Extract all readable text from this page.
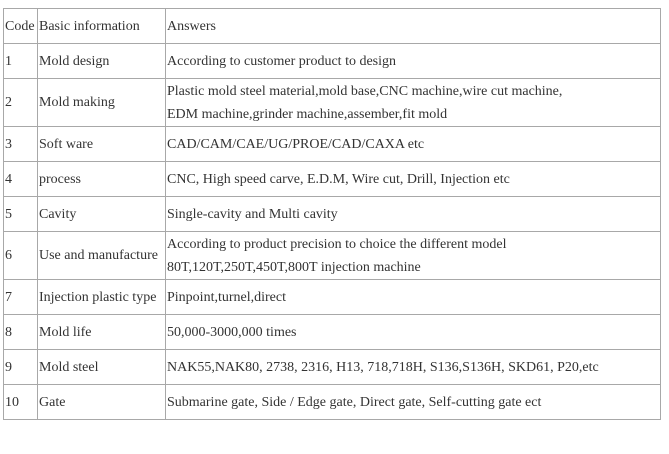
Code	Basic information	Answers
1	Mold design	According to customer product to design

2	Mold making	Plastic mold steel material,mold base,CNC machine,wire cut machine,
EDM machine,grinder machine,assember,fit mold

3	Soft ware	CAD/CAM/CAE/UG/PROE/CAD/CAXA etc

4	process	CNC, High speed carve, E.D.M, Wire cut, Drill, Injection etc

5	Cavity	Single-cavity and Multi cavity

6	Use and manufacture	According to product precision to choice the different model
80T,120T,250T,450T,800T injection machine

7	Injection plastic type	Pinpoint,turnel,direct

8	Mold life	50,000-3000,000 times

9	Mold steel	NAK55,NAK80, 2738, 2316, H13, 718,718H, S136,S136H, SKD61, P20,etc

10	Gate	Submarine gate, Side / Edge gate, Direct gate, Self-cutting gate ect
